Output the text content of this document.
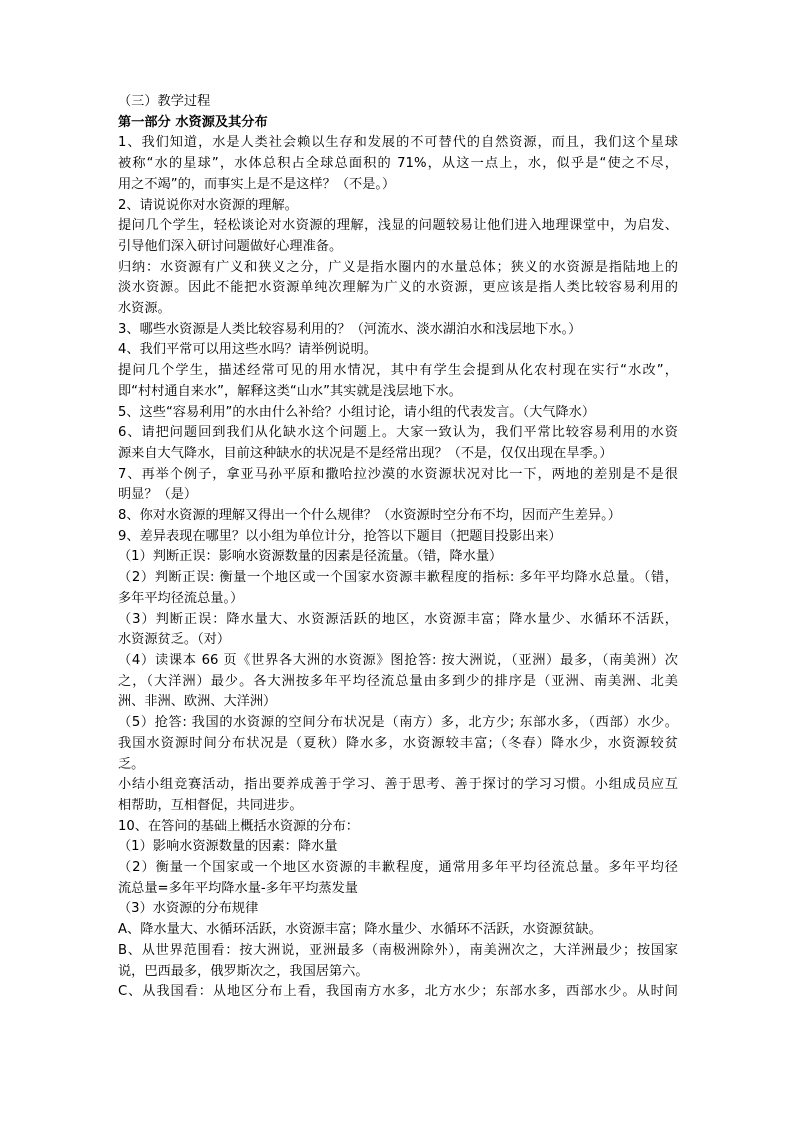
（三）教学过程
第一部分 水资源及其分布
1、我们知道，水是人类社会赖以生存和发展的不可替代的自然资源，而且，我们这个星球
被称“水的星球”，水体总积占全球总面积的 71%，从这一点上，水，似乎是“使之不尽，
用之不竭”的，而事实上是不是这样？（不是。）
2、请说说你对水资源的理解。
提问几个学生，轻松谈论对水资源的理解，浅显的问题较易让他们进入地理课堂中，为启发、
引导他们深入研讨问题做好心理准备。
归纳：水资源有广义和狭义之分，广义是指水圈内的水量总体；狭义的水资源是指陆地上的
淡水资源。因此不能把水资源单纯次理解为广义的水资源，更应该是指人类比较容易利用的
水资源。
3、哪些水资源是人类比较容易利用的？（河流水、淡水湖泊水和浅层地下水。）
4、我们平常可以用这些水吗？请举例说明。
提问几个学生，描述经常可见的用水情况，其中有学生会提到从化农村现在实行“水改”，
即“村村通自来水”，解释这类“山水”其实就是浅层地下水。
5、这些“容易利用”的水由什么补给？小组讨论，请小组的代表发言。（大气降水）
6、请把问题回到我们从化缺水这个问题上。大家一致认为，我们平常比较容易利用的水资
源来自大气降水，目前这种缺水的状况是不是经常出现？（不是，仅仅出现在旱季。）
7、再举个例子，拿亚马孙平原和撒哈拉沙漠的水资源状况对比一下，两地的差别是不是很
明显？（是）
8、你对水资源的理解又得出一个什么规律？（水资源时空分布不均，因而产生差异。）
9、差异表现在哪里？以小组为单位计分，抢答以下题目（把题目投影出来）
（1）判断正误：影响水资源数量的因素是径流量。（错，降水量）
（2）判断正误: 衡量一个地区或一个国家水资源丰歉程度的指标: 多年平均降水总量。（错，
多年平均径流总量。）
（3）判断正误：降水量大、水资源活跃的地区，水资源丰富；降水量少、水循环不活跃，
水资源贫乏。（对）
（4）读课本 66 页《世界各大洲的水资源》图抢答: 按大洲说，（亚洲）最多，（南美洲）次
之，（大洋洲）最少。各大洲按多年平均径流总量由多到少的排序是（亚洲、南美洲、北美
洲、非洲、欧洲、大洋洲）
（5）抢答: 我国的水资源的空间分布状况是（南方）多，北方少; 东部水多，（西部）水少。
我国水资源时间分布状况是（夏秋）降水多，水资源较丰富;（冬春）降水少，水资源较贫
乏。
小结小组竞赛活动，指出要养成善于学习、善于思考、善于探讨的学习习惯。小组成员应互
相帮助，互相督促，共同进步。
10、在答问的基础上概括水资源的分布：
（1）影响水资源数量的因素：降水量
（2）衡量一个国家或一个地区水资源的丰歉程度，通常用多年平均径流总量。多年平均径
流总量=多年平均降水量-多年平均蒸发量
（3）水资源的分布规律
A、降水量大、水循环活跃，水资源丰富；降水量少、水循环不活跃，水资源贫缺。
B、从世界范围看：按大洲说，亚洲最多（南极洲除外），南美洲次之，大洋洲最少；按国家
说，巴西最多，俄罗斯次之，我国居第六。
C、从我国看：从地区分布上看，我国南方水多，北方水少；东部水多，西部水少。从时间
